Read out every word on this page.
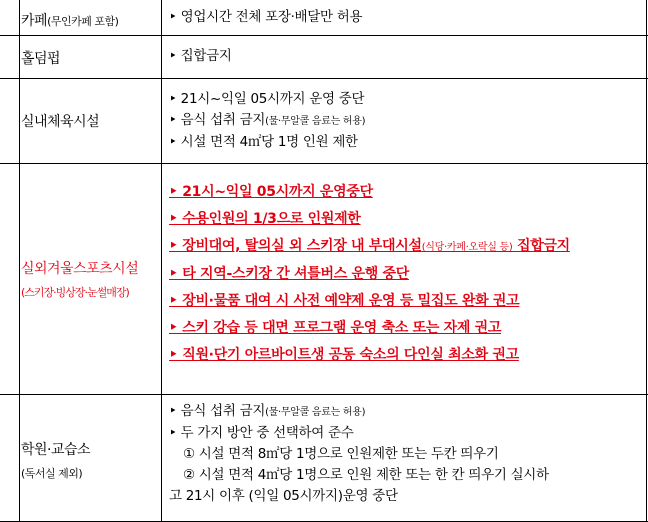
카페(무인카페 포함)	‣ 영업시간 전체 포장·배달만 허용
홀덤펍	‣ 집합금지
실내체육시설
‣ 21시~익일 05시까지 운영 중단
‣ 음식 섭취 금지(물·무알콜 음료는 허용)
‣ 시설 면적 4㎡당 1명 인원 제한
실외겨울스포츠시설
(스키장·빙상장·눈썰매장)
‣ 21시~익일 05시까지 운영중단
‣ 수용인원의 1/3으로 인원제한
‣ 장비대여, 탈의실 외 스키장 내 부대시설(식당·카페·오락실 등) 집합금지
‣ 타 지역-스키장 간 셔틀버스 운행 중단
‣ 장비·물품 대여 시 사전 예약제 운영 등 밀집도 완화 권고
‣ 스키 강습 등 대면 프로그램 운영 축소 또는 자제 권고
‣ 직원·단기 아르바이트생 공동 숙소의 다인실 최소화 권고
학원·교습소
(독서실 제외)
‣ 음식 섭취 금지(물·무알콜 음료는 허용)
‣ 두 가지 방안 중 선택하여 준수
① 시설 면적 8㎡당 1명으로 인원제한 또는 두칸 띄우기
② 시설 면적 4㎡당 1명으로 인원 제한 또는 한 칸 띄우기 실시하
고 21시 이후 (익일 05시까지)운영 중단
